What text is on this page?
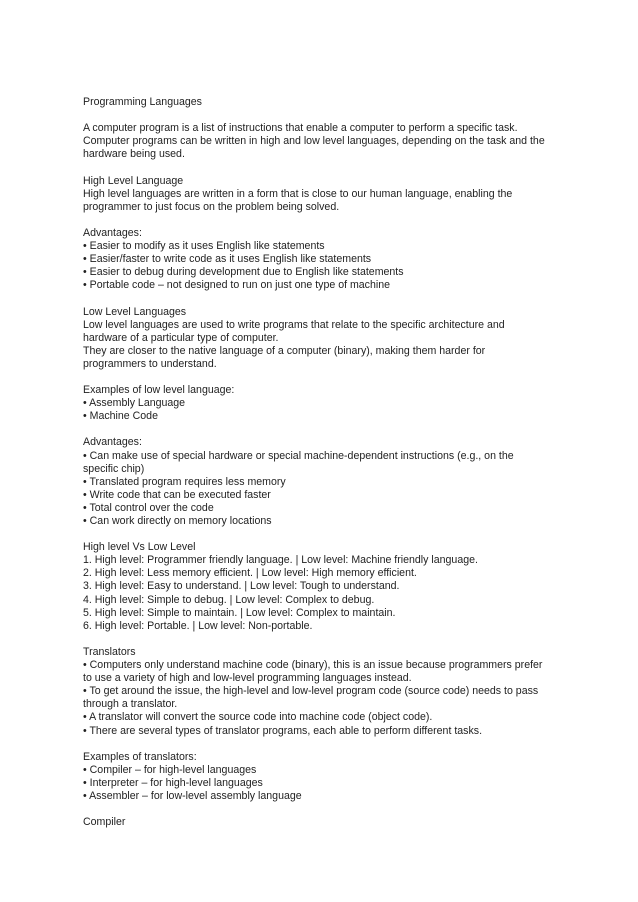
Programming Languages
A computer program is a list of instructions that enable a computer to perform a specific task.
Computer programs can be written in high and low level languages, depending on the task and the
hardware being used.
High Level Language
High level languages are written in a form that is close to our human language, enabling the
programmer to just focus on the problem being solved.
Advantages:
• Easier to modify as it uses English like statements
• Easier/faster to write code as it uses English like statements
• Easier to debug during development due to English like statements
• Portable code – not designed to run on just one type of machine
Low Level Languages
Low level languages are used to write programs that relate to the specific architecture and
hardware of a particular type of computer.
They are closer to the native language of a computer (binary), making them harder for
programmers to understand.
Examples of low level language:
• Assembly Language
• Machine Code
Advantages:
• Can make use of special hardware or special machine-dependent instructions (e.g., on the
specific chip)
• Translated program requires less memory
• Write code that can be executed faster
• Total control over the code
• Can work directly on memory locations
High level Vs Low Level
1. High level: Programmer friendly language. | Low level: Machine friendly language.
2. High level: Less memory efficient. | Low level: High memory efficient.
3. High level: Easy to understand. | Low level: Tough to understand.
4. High level: Simple to debug. | Low level: Complex to debug.
5. High level: Simple to maintain. | Low level: Complex to maintain.
6. High level: Portable. | Low level: Non-portable.
Translators
• Computers only understand machine code (binary), this is an issue because programmers prefer
to use a variety of high and low-level programming languages instead.
• To get around the issue, the high-level and low-level program code (source code) needs to pass
through a translator.
• A translator will convert the source code into machine code (object code).
• There are several types of translator programs, each able to perform different tasks.
Examples of translators:
• Compiler – for high-level languages
• Interpreter – for high-level languages
• Assembler – for low-level assembly language
Compiler
